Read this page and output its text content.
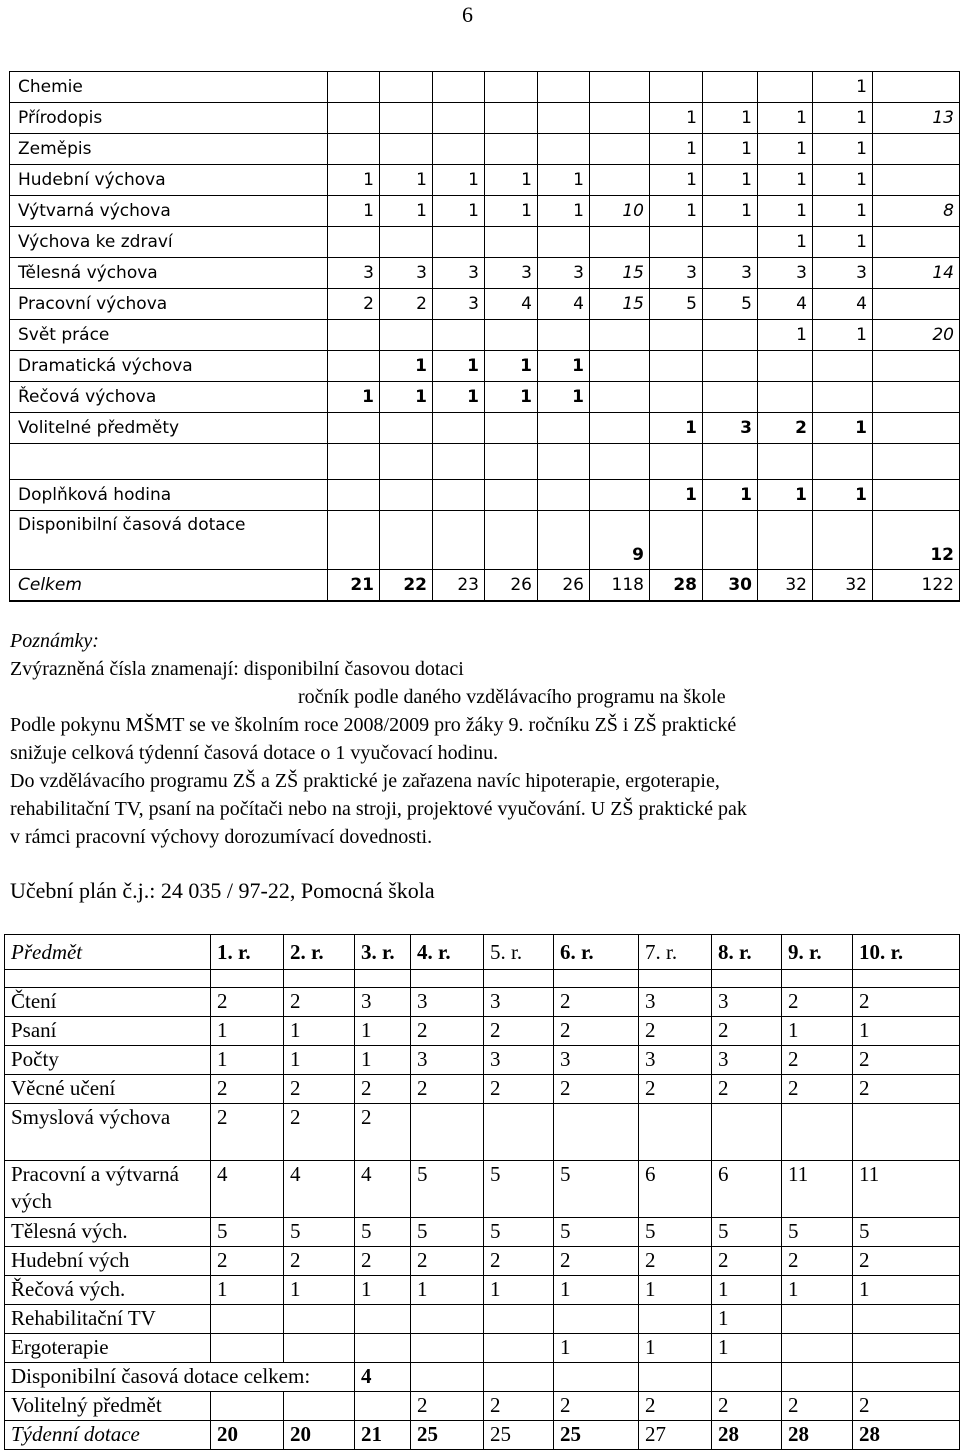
6
Chemie										1	
Přírodopis							1	1	1	1	13
Zeměpis							1	1	1	1	
Hudební výchova	1	1	1	1	1		1	1	1	1	
Výtvarná výchova	1	1	1	1	1	10	1	1	1	1	8
Výchova ke zdraví									1	1	
Tělesná výchova	3	3	3	3	3	15	3	3	3	3	14
Pracovní výchova	2	2	3	4	4	15	5	5	4	4	
Svět práce									1	1	20
Dramatická výchova		1	1	1	1						
Řečová výchova	1	1	1	1	1						
Volitelné předměty							1	3	2	1	

Doplňková hodina							1	1	1	1	
Disponibilní časová dotace						9					12
Celkem	21	22	23	26	26	118	28	30	32	32	122
Poznámky:
Zvýrazněná čísla znamenají: disponibilní časovou dotaci
ročník podle daného vzdělávacího programu na škole
Podle pokynu MŠMT se ve školním roce 2008/2009 pro žáky 9. ročníku ZŠ i ZŠ praktické
snižuje celková týdenní časová dotace o 1 vyučovací hodinu.
Do vzdělávacího programu ZŠ a ZŠ praktické je zařazena navíc hipoterapie, ergoterapie,
rehabilitační TV, psaní na počítači nebo na stroji, projektové vyučování. U ZŠ praktické pak
v rámci pracovní výchovy dorozumívací dovednosti.
Učební plán č.j.: 24 035 / 97-22, Pomocná škola
Předmět	1. r.	2. r.	3. r.	4. r.	5. r.	6. r.	7. r.	8. r.	9. r.	10. r.

Čtení	2	2	3	3	3	2	3	3	2	2
Psaní	1	1	1	2	2	2	2	2	1	1
Počty	1	1	1	3	3	3	3	3	2	2
Věcné učení	2	2	2	2	2	2	2	2	2	2
Smyslová výchova	2	2	2							
Pracovní a výtvarná vých	4	4	4	5	5	5	6	6	11	11
Tělesná vých.	5	5	5	5	5	5	5	5	5	5
Hudební vých	2	2	2	2	2	2	2	2	2	2
Řečová vých.	1	1	1	1	1	1	1	1	1	1
Rehabilitační TV								1		
Ergoterapie						1	1	1		
Disponibilní časová dotace celkem:			4							
Volitelný předmět				2	2	2	2	2	2	2
Týdenní dotace	20	20	21	25	25	25	27	28	28	28
